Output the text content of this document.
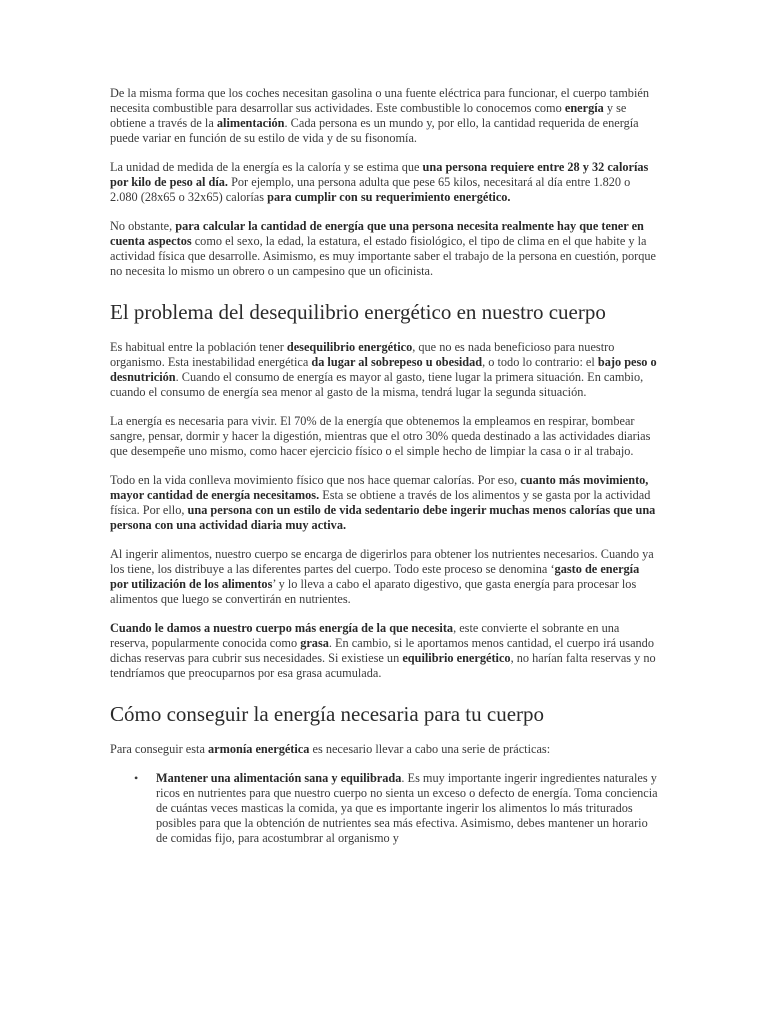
De la misma forma que los coches necesitan gasolina o una fuente eléctrica para funcionar, el cuerpo también necesita combustible para desarrollar sus actividades. Este combustible lo conocemos como energía y se obtiene a través de la alimentación. Cada persona es un mundo y, por ello, la cantidad requerida de energía puede variar en función de su estilo de vida y de su fisonomía.

La unidad de medida de la energía es la caloría y se estima que una persona requiere entre 28 y 32 calorías por kilo de peso al día. Por ejemplo, una persona adulta que pese 65 kilos, necesitará al día entre 1.820 o 2.080 (28x65 o 32x65) calorías para cumplir con su requerimiento energético.

No obstante, para calcular la cantidad de energía que una persona necesita realmente hay que tener en cuenta aspectos como el sexo, la edad, la estatura, el estado fisiológico, el tipo de clima en el que habite y la actividad física que desarrolle. Asimismo, es muy importante saber el trabajo de la persona en cuestión, porque no necesita lo mismo un obrero o un campesino que un oficinista.

El problema del desequilibrio energético en nuestro cuerpo

Es habitual entre la población tener desequilibrio energético, que no es nada beneficioso para nuestro organismo. Esta inestabilidad energética da lugar al sobrepeso u obesidad, o todo lo contrario: el bajo peso o desnutrición. Cuando el consumo de energía es mayor al gasto, tiene lugar la primera situación. En cambio, cuando el consumo de energía sea menor al gasto de la misma, tendrá lugar la segunda situación.

La energía es necesaria para vivir. El 70% de la energía que obtenemos la empleamos en respirar, bombear sangre, pensar, dormir y hacer la digestión, mientras que el otro 30% queda destinado a las actividades diarias que desempeñe uno mismo, como hacer ejercicio físico o el simple hecho de limpiar la casa o ir al trabajo.

Todo en la vida conlleva movimiento físico que nos hace quemar calorías. Por eso, cuanto más movimiento, mayor cantidad de energía necesitamos. Esta se obtiene a través de los alimentos y se gasta por la actividad física. Por ello, una persona con un estilo de vida sedentario debe ingerir muchas menos calorías que una persona con una actividad diaria muy activa.

Al ingerir alimentos, nuestro cuerpo se encarga de digerirlos para obtener los nutrientes necesarios. Cuando ya los tiene, los distribuye a las diferentes partes del cuerpo. Todo este proceso se denomina ‘gasto de energía por utilización de los alimentos’ y lo lleva a cabo el aparato digestivo, que gasta energía para procesar los alimentos que luego se convertirán en nutrientes.

Cuando le damos a nuestro cuerpo más energía de la que necesita, este convierte el sobrante en una reserva, popularmente conocida como grasa. En cambio, si le aportamos menos cantidad, el cuerpo irá usando dichas reservas para cubrir sus necesidades. Si existiese un equilibrio energético, no harían falta reservas y no tendríamos que preocuparnos por esa grasa acumulada.

Cómo conseguir la energía necesaria para tu cuerpo

Para conseguir esta armonía energética es necesario llevar a cabo una serie de prácticas:

• Mantener una alimentación sana y equilibrada. Es muy importante ingerir ingredientes naturales y ricos en nutrientes para que nuestro cuerpo no sienta un exceso o defecto de energía. Toma conciencia de cuántas veces masticas la comida, ya que es importante ingerir los alimentos lo más triturados posibles para que la obtención de nutrientes sea más efectiva. Asimismo, debes mantener un horario de comidas fijo, para acostumbrar al organismo y
